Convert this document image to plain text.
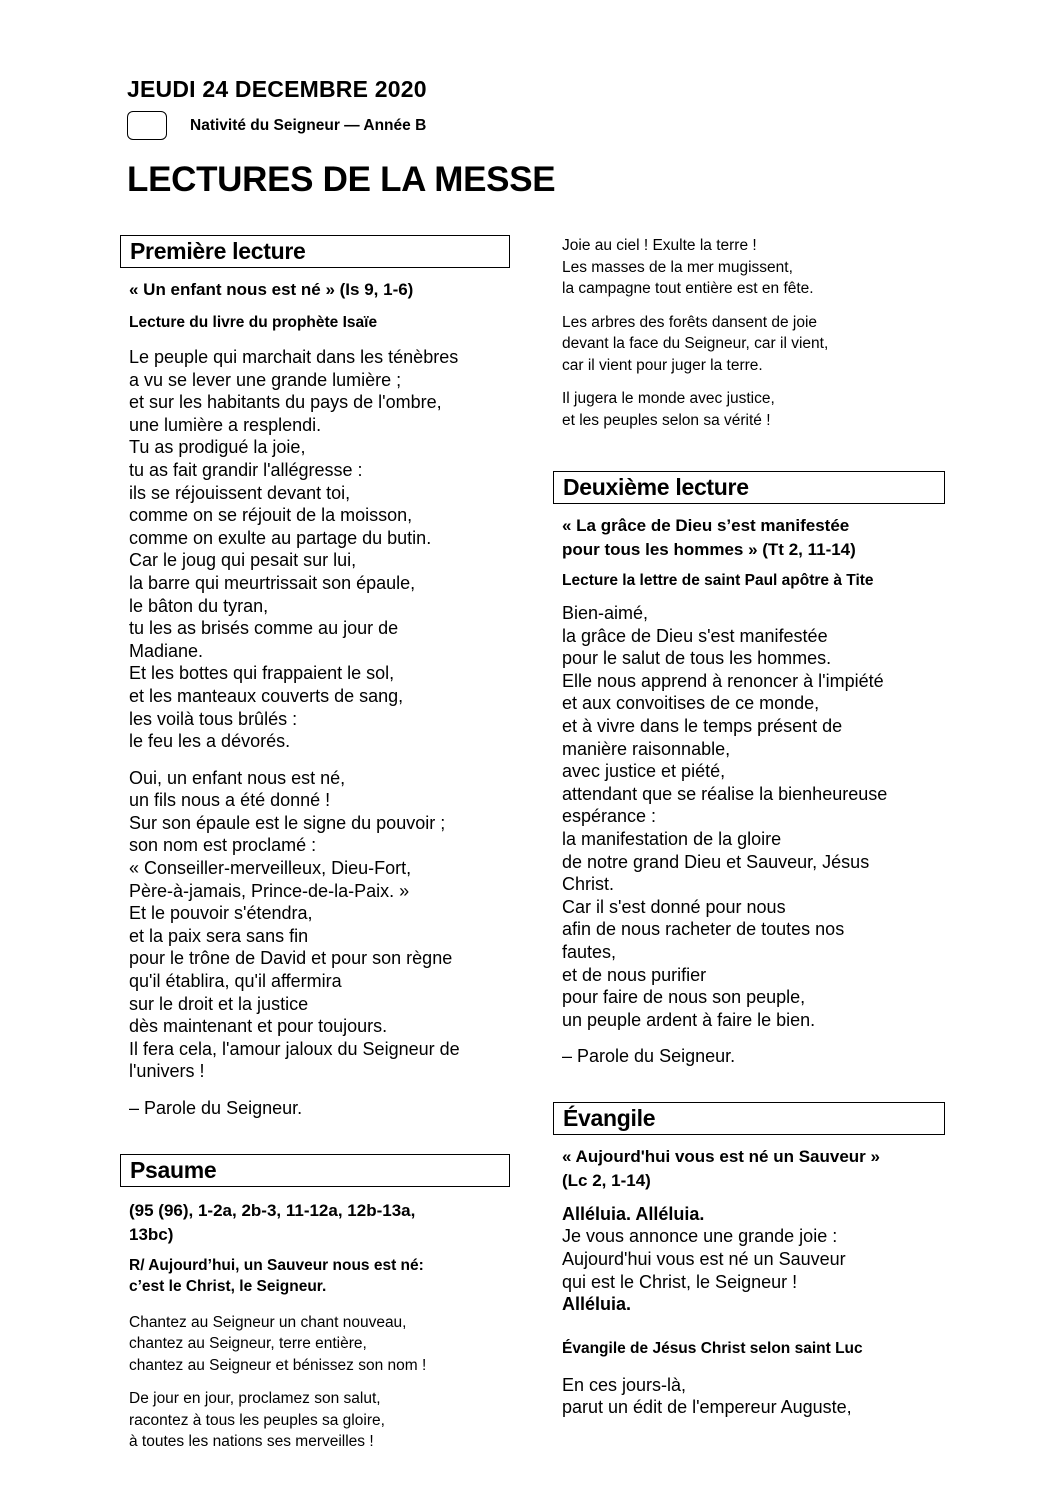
JEUDI 24 DECEMBRE 2020
Nativité du Seigneur — Année B
LECTURES DE LA MESSE
Première lecture
« Un enfant nous est né » (Is 9, 1-6)
Lecture du livre du prophète Isaïe
Le peuple qui marchait dans les ténèbres
a vu se lever une grande lumière ;
et sur les habitants du pays de l'ombre,
une lumière a resplendi.
Tu as prodigué la joie,
tu as fait grandir l'allégresse :
ils se réjouissent devant toi,
comme on se réjouit de la moisson,
comme on exulte au partage du butin.
Car le joug qui pesait sur lui,
la barre qui meurtrissait son épaule,
le bâton du tyran,
tu les as brisés comme au jour de
Madiane.
Et les bottes qui frappaient le sol,
et les manteaux couverts de sang,
les voilà tous brûlés :
le feu les a dévorés.
Oui, un enfant nous est né,
un fils nous a été donné !
Sur son épaule est le signe du pouvoir ;
son nom est proclamé :
« Conseiller-merveilleux, Dieu-Fort,
Père-à-jamais, Prince-de-la-Paix. »
Et le pouvoir s'étendra,
et la paix sera sans fin
pour le trône de David et pour son règne
qu'il établira, qu'il affermira
sur le droit et la justice
dès maintenant et pour toujours.
Il fera cela, l'amour jaloux du Seigneur de
l'univers !
– Parole du Seigneur.
Psaume
(95 (96), 1-2a, 2b-3, 11-12a, 12b-13a,
13bc)
R/ Aujourd’hui, un Sauveur nous est né:
c’est le Christ, le Seigneur.
Chantez au Seigneur un chant nouveau,
chantez au Seigneur, terre entière,
chantez au Seigneur et bénissez son nom !
De jour en jour, proclamez son salut,
racontez à tous les peuples sa gloire,
à toutes les nations ses merveilles !
Joie au ciel ! Exulte la terre !
Les masses de la mer mugissent,
la campagne tout entière est en fête.
Les arbres des forêts dansent de joie
devant la face du Seigneur, car il vient,
car il vient pour juger la terre.
Il jugera le monde avec justice,
et les peuples selon sa vérité !
Deuxième lecture
« La grâce de Dieu s’est manifestée
pour tous les hommes » (Tt 2, 11-14)
Lecture la lettre de saint Paul apôtre à Tite
Bien-aimé,
la grâce de Dieu s'est manifestée
pour le salut de tous les hommes.
Elle nous apprend à renoncer à l'impiété
et aux convoitises de ce monde,
et à vivre dans le temps présent de
manière raisonnable,
avec justice et piété,
attendant que se réalise la bienheureuse
espérance :
la manifestation de la gloire
de notre grand Dieu et Sauveur, Jésus
Christ.
Car il s'est donné pour nous
afin de nous racheter de toutes nos
fautes,
et de nous purifier
pour faire de nous son peuple,
un peuple ardent à faire le bien.
– Parole du Seigneur.
Évangile
« Aujourd'hui vous est né un Sauveur »
(Lc 2, 1-14)
Alléluia. Alléluia.
Je vous annonce une grande joie :
Aujourd'hui vous est né un Sauveur
qui est le Christ, le Seigneur !
Alléluia.
Évangile de Jésus Christ selon saint Luc
En ces jours-là,
parut un édit de l'empereur Auguste,
